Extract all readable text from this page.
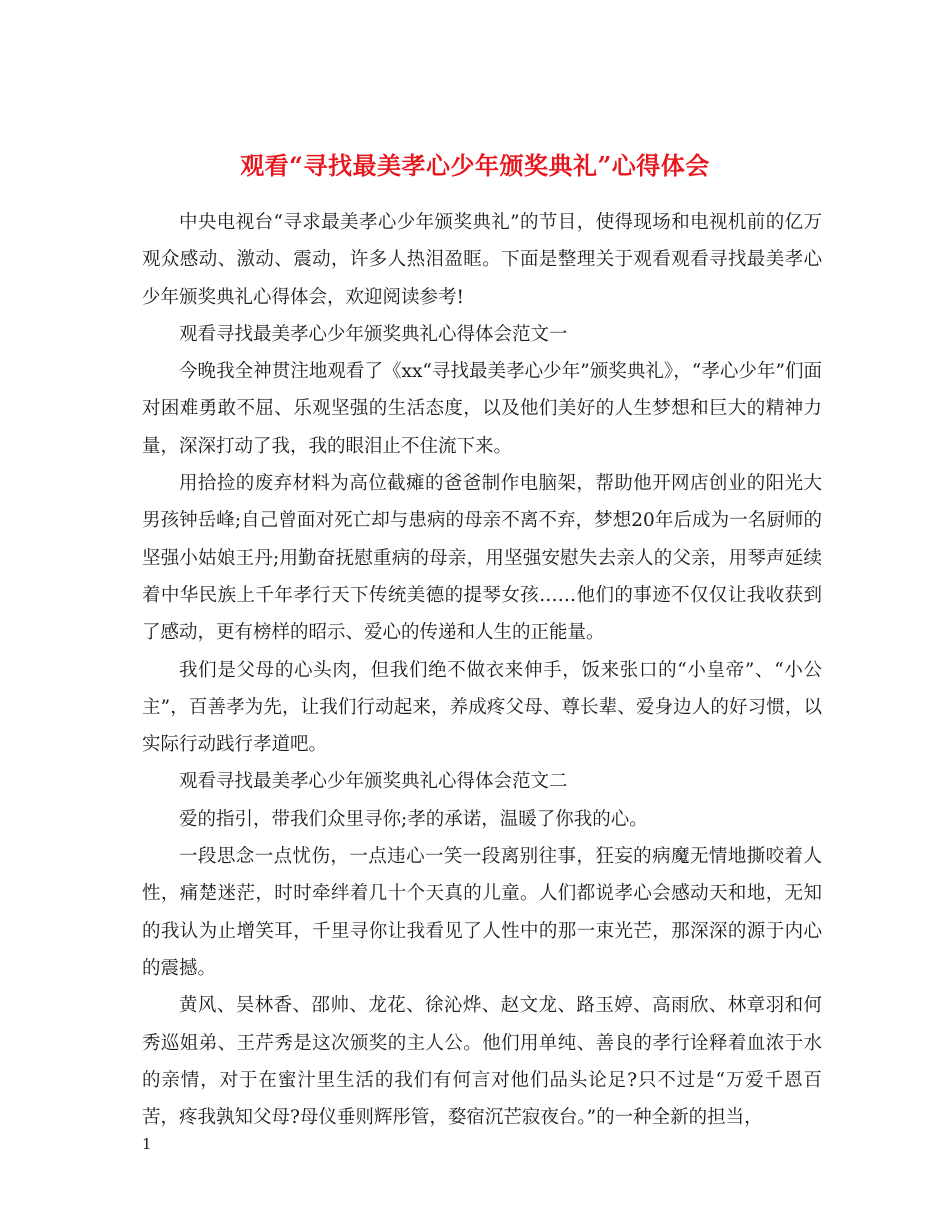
观看“寻找最美孝心少年颁奖典礼”心得体会

中央电视台“寻求最美孝心少年颁奖典礼”的节目，使得现场和电视机前的亿万观众感动、激动、震动，许多人热泪盈眶。下面是整理关于观看观看寻找最美孝心少年颁奖典礼心得体会，欢迎阅读参考!

观看寻找最美孝心少年颁奖典礼心得体会范文一

今晚我全神贯注地观看了《xx“寻找最美孝心少年”颁奖典礼》，“孝心少年”们面对困难勇敢不屈、乐观坚强的生活态度，以及他们美好的人生梦想和巨大的精神力量，深深打动了我，我的眼泪止不住流下来。

用拾捡的废弃材料为高位截瘫的爸爸制作电脑架，帮助他开网店创业的阳光大男孩钟岳峰;自己曾面对死亡却与患病的母亲不离不弃，梦想20年后成为一名厨师的坚强小姑娘王丹;用勤奋抚慰重病的母亲，用坚强安慰失去亲人的父亲，用琴声延续着中华民族上千年孝行天下传统美德的提琴女孩……他们的事迹不仅仅让我收获到了感动，更有榜样的昭示、爱心的传递和人生的正能量。

我们是父母的心头肉，但我们绝不做衣来伸手，饭来张口的“小皇帝”、“小公主”，百善孝为先，让我们行动起来，养成疼父母、尊长辈、爱身边人的好习惯，以实际行动践行孝道吧。

观看寻找最美孝心少年颁奖典礼心得体会范文二

爱的指引，带我们众里寻你;孝的承诺，温暖了你我的心。

一段思念一点忧伤，一点违心一笑一段离别往事，狂妄的病魔无情地撕咬着人性，痛楚迷茫，时时牵绊着几十个天真的儿童。人们都说孝心会感动天和地，无知的我认为止增笑耳，千里寻你让我看见了人性中的那一束光芒，那深深的源于内心的震撼。

黄风、吴林香、邵帅、龙花、徐沁烨、赵文龙、路玉婷、高雨欣、林章羽和何秀巡姐弟、王芹秀是这次颁奖的主人公。他们用单纯、善良的孝行诠释着血浓于水的亲情，对于在蜜汁里生活的我们有何言对他们品头论足?只不过是“万爱千恩百苦，疼我孰知父母?母仪垂则辉彤管，婺宿沉芒寂夜台。”的一种全新的担当，

1
